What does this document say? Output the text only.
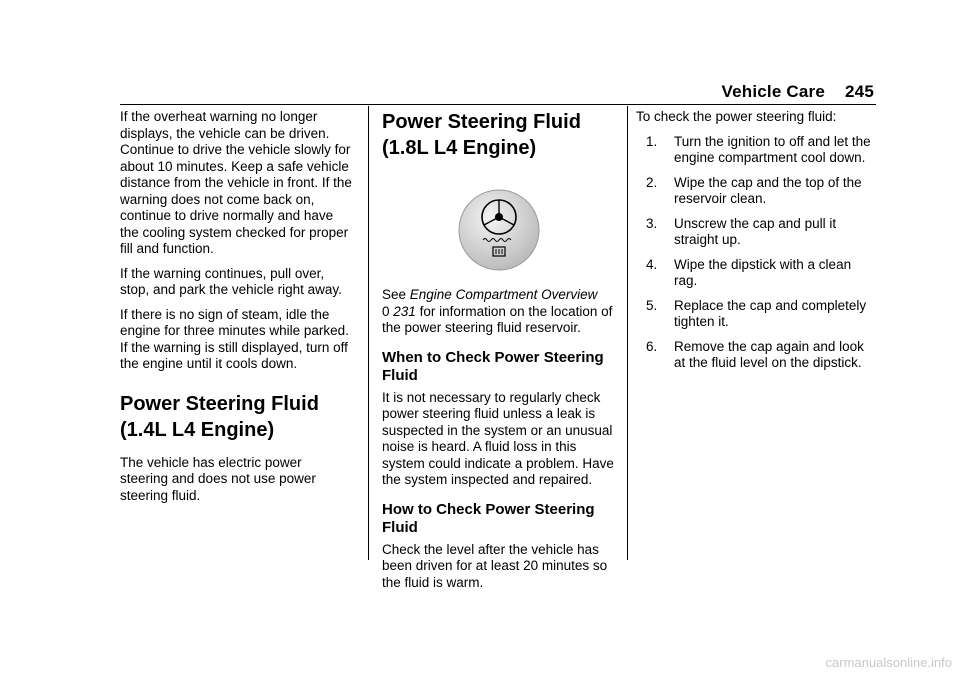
Vehicle Care 245

If the overheat warning no longer displays, the vehicle can be driven. Continue to drive the vehicle slowly for about 10 minutes. Keep a safe vehicle distance from the vehicle in front. If the warning does not come back on, continue to drive normally and have the cooling system checked for proper fill and function.

If the warning continues, pull over, stop, and park the vehicle right away.

If there is no sign of steam, idle the engine for three minutes while parked. If the warning is still displayed, turn off the engine until it cools down.

Power Steering Fluid
(1.4L L4 Engine)

The vehicle has electric power steering and does not use power steering fluid.

Power Steering Fluid
(1.8L L4 Engine)

See Engine Compartment Overview
0 231 for information on the location of the power steering fluid reservoir.

When to Check Power Steering Fluid

It is not necessary to regularly check power steering fluid unless a leak is suspected in the system or an unusual noise is heard. A fluid loss in this system could indicate a problem. Have the system inspected and repaired.

How to Check Power Steering Fluid

Check the level after the vehicle has been driven for at least 20 minutes so the fluid is warm.

To check the power steering fluid:

1. Turn the ignition to off and let the engine compartment cool down.
2. Wipe the cap and the top of the reservoir clean.
3. Unscrew the cap and pull it straight up.
4. Wipe the dipstick with a clean rag.
5. Replace the cap and completely tighten it.
6. Remove the cap again and look at the fluid level on the dipstick.
carmanualsonline.info
